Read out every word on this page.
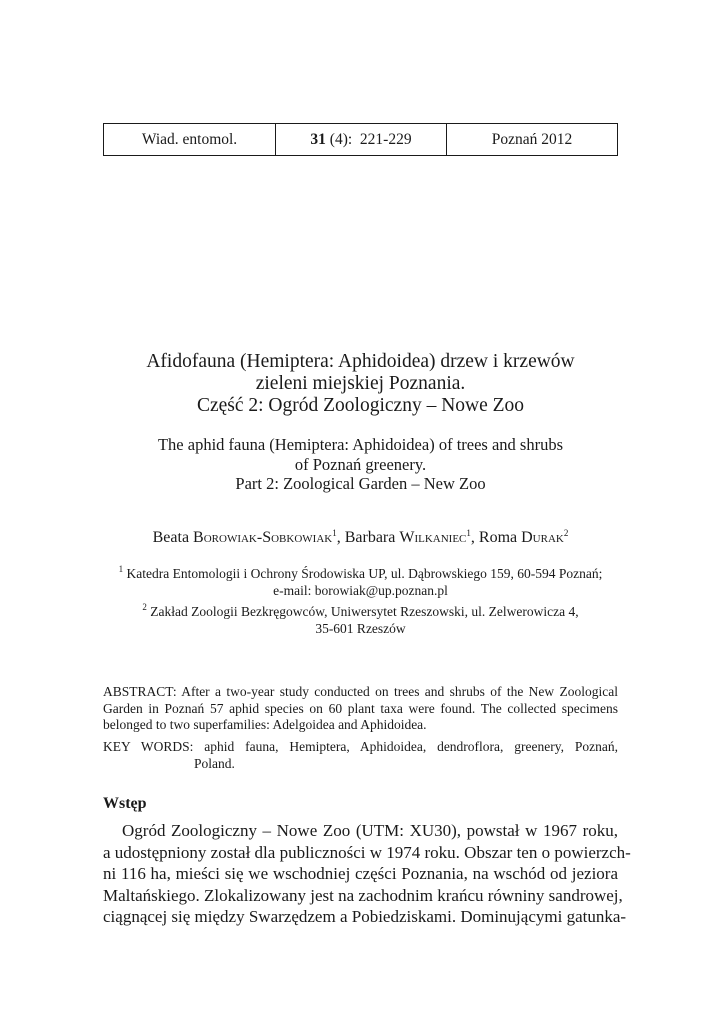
Wiad. entomol.	31 (4):  221-229	Poznań 2012
Afidofauna (Hemiptera: Aphidoidea) drzew i krzewów
zieleni miejskiej Poznania.
Część 2: Ogród Zoologiczny – Nowe Zoo
The aphid fauna (Hemiptera: Aphidoidea) of trees and shrubs
of Poznań greenery.
Part 2: Zoological Garden – New Zoo
Beata Borowiak-Sobkowiak$^1$, Barbara Wilkaniec$^1$, Roma Durak$^2$
$^1$ Katedra Entomologii i Ochrony Środowiska UP, ul. Dąbrowskiego 159, 60-594 Poznań;
e-mail: borowiak@up.poznan.pl
$^2$ Zakład Zoologii Bezkręgowców, Uniwersytet Rzeszowski, ul. Zelwerowicza 4,
35-601 Rzeszów
ABSTRACT: After a two-year study conducted on trees and shrubs of the New Zoological Garden in Poznań 57 aphid species on 60 plant taxa were found. The collected specimens belonged to two superfamilies: Adelgoidea and Aphidoidea.
KEY WORDS: aphid fauna, Hemiptera, Aphidoidea, dendroflora, greenery, Poznań,
Poland.
Wstęp
Ogród Zoologiczny – Nowe Zoo (UTM: XU30), powstał w 1967 roku,
a udostępniony został dla publiczności w 1974 roku. Obszar ten o powierzch-
ni 116 ha, mieści się we wschodniej części Poznania, na wschód od jeziora
Maltańskiego. Zlokalizowany jest na zachodnim krańcu równiny sandrowej,
ciągnącej się między Swarzędzem a Pobiedziskami. Dominującymi gatunka-
